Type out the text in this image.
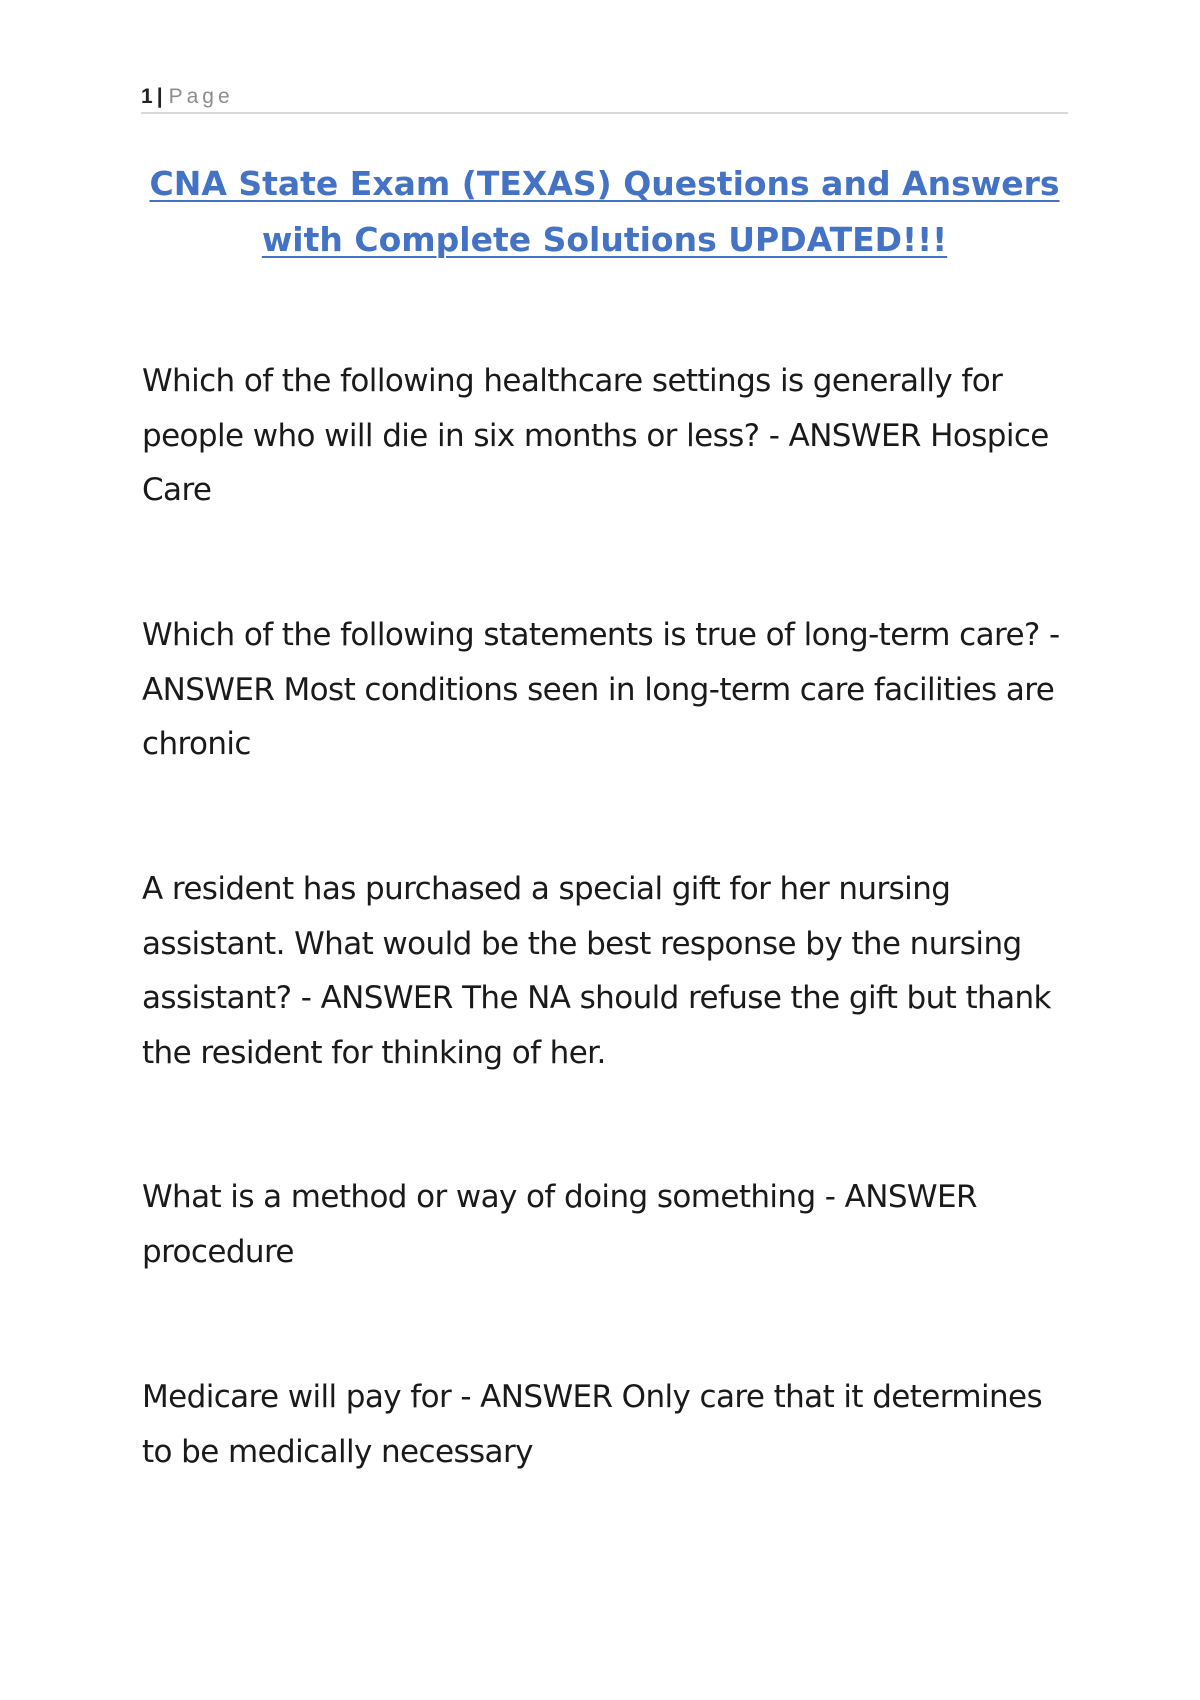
1 | Page
CNA State Exam (TEXAS) Questions and Answers
with Complete Solutions UPDATED!!!
Which of the following healthcare settings is generally for people who will die in six months or less? - ANSWER Hospice Care
Which of the following statements is true of long-term care? - ANSWER Most conditions seen in long-term care facilities are chronic
A resident has purchased a special gift for her nursing assistant. What would be the best response by the nursing assistant? - ANSWER The NA should refuse the gift but thank the resident for thinking of her.
What is a method or way of doing something - ANSWER procedure
Medicare will pay for - ANSWER Only care that it determines to be medically necessary
